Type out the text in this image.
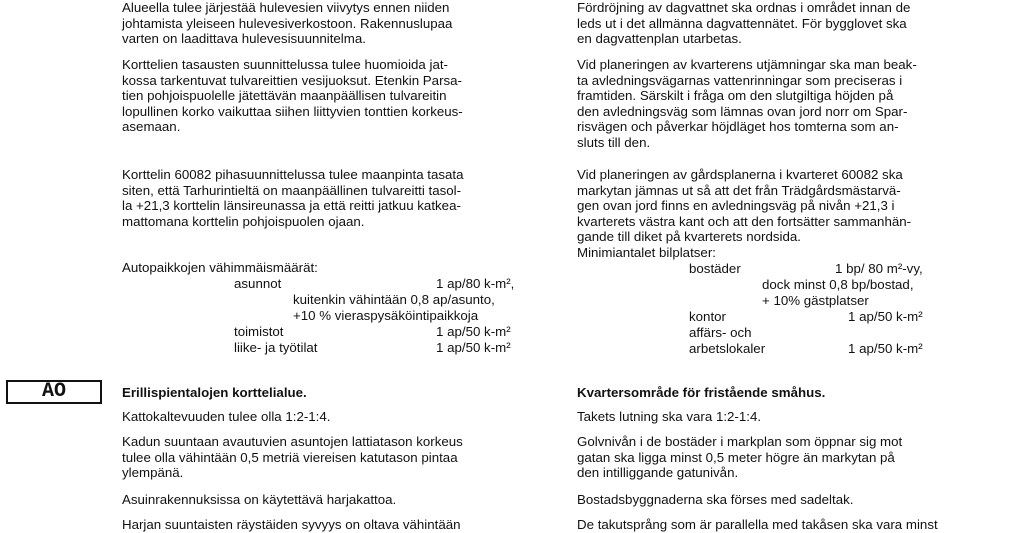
AO
Alueella tulee järjestää hulevesien viivytys ennen niiden
johtamista yleiseen hulevesiverkostoon. Rakennuslupaa
varten on laadittava hulevesisuunnitelma.
Korttelien tasausten suunnittelussa tulee huomioida jat-
kossa tarkentuvat tulvareittien vesijuoksut. Etenkin Parsa-
tien pohjoispuolelle jätettävän maanpäällisen tulvareitin
lopullinen korko vaikuttaa siihen liittyvien tonttien korkeus-
asemaan.
Korttelin 60082 pihasuunnittelussa tulee maanpinta tasata
siten, että Tarhurintieltä on maanpäällinen tulvareitti tasol-
la +21,3 korttelin länsireunassa ja että reitti jatkuu katkea-
mattomana korttelin pohjoispuolen ojaan.
Autopaikkojen vähimmäismäärät:
asunnot	1 ap/80 k-m²,
kuitenkin vähintään 0,8 ap/asunto,
+10 % vieraspysäköintipaikkoja
toimistot	1 ap/50 k-m²
liike- ja työtilat	1 ap/50 k-m²
Erillispientalojen korttelialue.
Kattokaltevuuden tulee olla 1:2-1:4.
Kadun suuntaan avautuvien asuntojen lattiatason korkeus
tulee olla vähintään 0,5 metriä viereisen katutason pintaa
ylempänä.
Asuinrakennuksissa on käytettävä harjakattoa.
Harjan suuntaisten räystäiden syvyys on oltava vähintään
Fördröjning av dagvattnet ska ordnas i området innan de
leds ut i det allmänna dagvattennätet. För bygglovet ska
en dagvattenplan utarbetas.
Vid planeringen av kvarterens utjämningar ska man beak-
ta avledningsvägarnas vattenrinningar som preciseras i
framtiden. Särskilt i fråga om den slutgiltiga höjden på
den avledningsväg som lämnas ovan jord norr om Spar-
risvägen och påverkar höjdläget hos tomterna som an-
sluts till den.
Vid planeringen av gårdsplanerna i kvarteret 60082 ska
markytan jämnas ut så att det från Trädgårdsmästarvä-
gen ovan jord finns en avledningsväg på nivån +21,3 i
kvarterets västra kant och att den fortsätter sammanhän-
gande till diket på kvarterets nordsida.
Minimiantalet bilplatser:
bostäder	1 bp/ 80 m²-vy,
dock minst 0,8 bp/bostad,
+ 10% gästplatser
kontor	1 ap/50 k-m²
affärs- och
arbetslokaler	1 ap/50 k-m²
Kvartersområde för fristående småhus.
Takets lutning ska vara 1:2-1:4.
Golvnivån i de bostäder i markplan som öppnar sig mot
gatan ska ligga minst 0,5 meter högre än markytan på
den intilliggande gatunivån.
Bostadsbyggnaderna ska förses med sadeltak.
De takutsprång som är parallella med takåsen ska vara minst
